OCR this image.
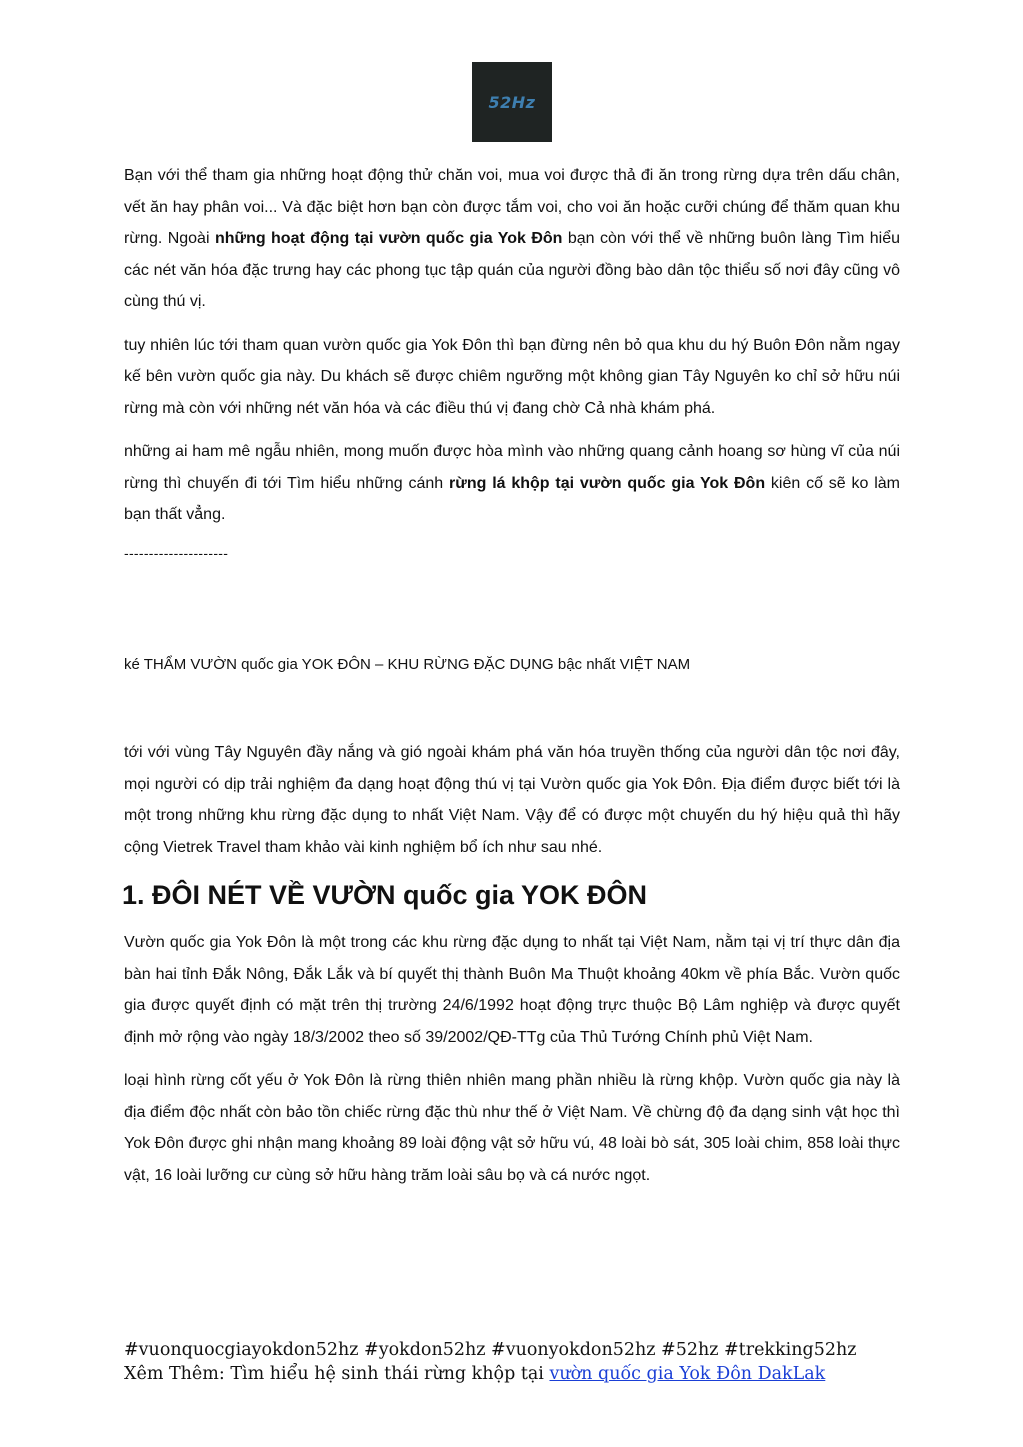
52Hz

Bạn với thể tham gia những hoạt động thử chăn voi, mua voi được thả đi ăn trong rừng dựa trên dấu chân, vết ăn hay phân voi... Và đặc biệt hơn bạn còn được tắm voi, cho voi ăn hoặc cưỡi chúng để thăm quan khu rừng. Ngoài những hoạt động tại vườn quốc gia Yok Đôn bạn còn với thể về những buôn làng Tìm hiểu các nét văn hóa đặc trưng hay các phong tục tập quán của người đồng bào dân tộc thiểu số nơi đây cũng vô cùng thú vị.

tuy nhiên lúc tới tham quan vườn quốc gia Yok Đôn thì bạn đừng nên bỏ qua khu du hý Buôn Đôn nằm ngay kế bên vườn quốc gia này. Du khách sẽ được chiêm ngưỡng một không gian Tây Nguyên ko chỉ sở hữu núi rừng mà còn với những nét văn hóa và các điều thú vị đang chờ Cả nhà khám phá.

những ai ham mê ngẫu nhiên, mong muốn được hòa mình vào những quang cảnh hoang sơ hùng vĩ của núi rừng thì chuyến đi tới Tìm hiểu những cánh rừng lá khộp tại vườn quốc gia Yok Đôn kiên cố sẽ ko làm bạn thất vẳng.

---------------------

ké THẨM VƯỜN quốc gia YOK ĐÔN – KHU RỪNG ĐẶC DỤNG bậc nhất VIỆT NAM

tới với vùng Tây Nguyên đầy nắng và gió ngoài khám phá văn hóa truyền thống của người dân tộc nơi đây, mọi người có dịp trải nghiệm đa dạng hoạt động thú vị tại Vườn quốc gia Yok Đôn. Địa điểm được biết tới là một trong những khu rừng đặc dụng to nhất Việt Nam. Vậy để có được một chuyến du hý hiệu quả thì hãy cộng Vietrek Travel tham khảo vài kinh nghiệm bổ ích như sau nhé.

1. ĐÔI NÉT VỀ VƯỜN quốc gia YOK ĐÔN

Vườn quốc gia Yok Đôn là một trong các khu rừng đặc dụng to nhất tại Việt Nam, nằm tại vị trí thực dân địa bàn hai tỉnh Đắk Nông, Đắk Lắk và bí quyết thị thành Buôn Ma Thuột khoảng 40km về phía Bắc. Vườn quốc gia được quyết định có mặt trên thị trường 24/6/1992 hoạt động trực thuộc Bộ Lâm nghiệp và được quyết định mở rộng vào ngày 18/3/2002 theo số 39/2002/QĐ-TTg của Thủ Tướng Chính phủ Việt Nam.

loại hình rừng cốt yếu ở Yok Đôn là rừng thiên nhiên mang phần nhiều là rừng khộp. Vườn quốc gia này là địa điểm độc nhất còn bảo tồn chiếc rừng đặc thù như thế ở Việt Nam. Về chừng độ đa dạng sinh vật học thì Yok Đôn được ghi nhận mang khoảng 89 loài động vật sở hữu vú, 48 loài bò sát, 305 loài chim, 858 loài thực vật, 16 loài lưỡng cư cùng sở hữu hàng trăm loài sâu bọ và cá nước ngọt.

#vuonquocgiayokdon52hz #yokdon52hz #vuonyokdon52hz #52hz #trekking52hz
Xêm Thêm: Tìm hiểu hệ sinh thái rừng khộp tại vườn quốc gia Yok Đôn DakLak
